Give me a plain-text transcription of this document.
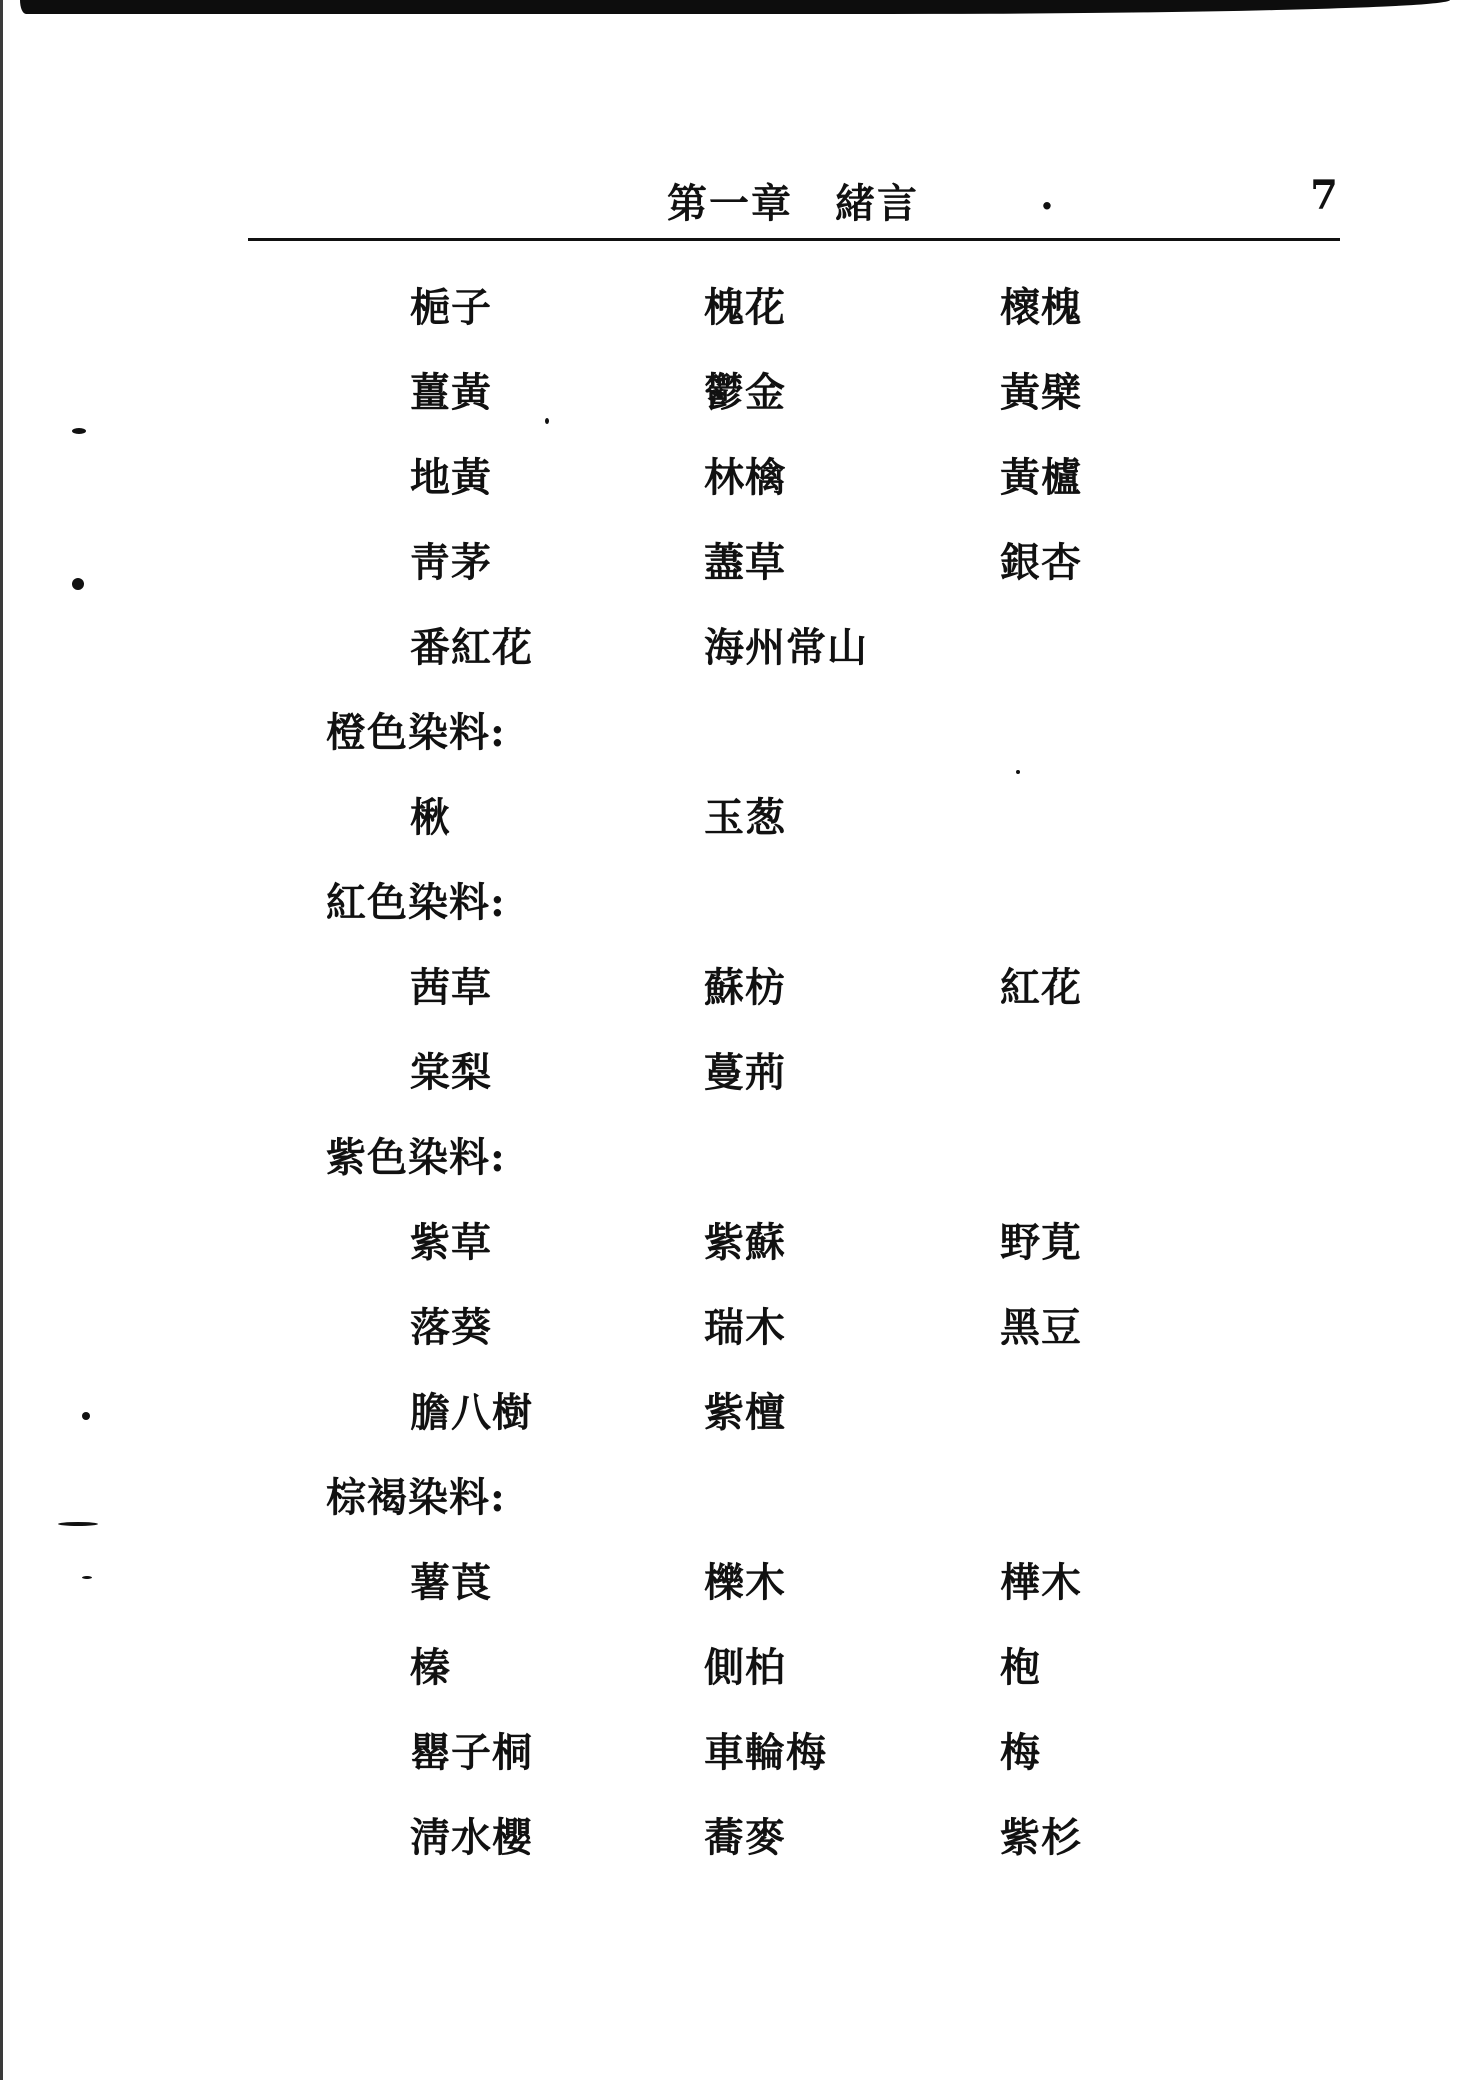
第一章　緒言	.	7
梔子	槐花	櫰槐
薑黃	鬱金	黃檗
地黃	林檎	黃櫨
靑茅	藎草	銀杏
番紅花	海州常山
橙色染料:
楸	玉葱
紅色染料:
茜草	蘇枋	紅花
棠梨	蔓荊
紫色染料:
紫草	紫蘇	野莧
落葵	瑞木	黑豆
膽八樹	紫檀
棕褐染料:
薯莨	櫟木	樺木
榛	側柏	枹
罌子桐	車輪梅	梅
淸水櫻	蕎麥	紫杉
